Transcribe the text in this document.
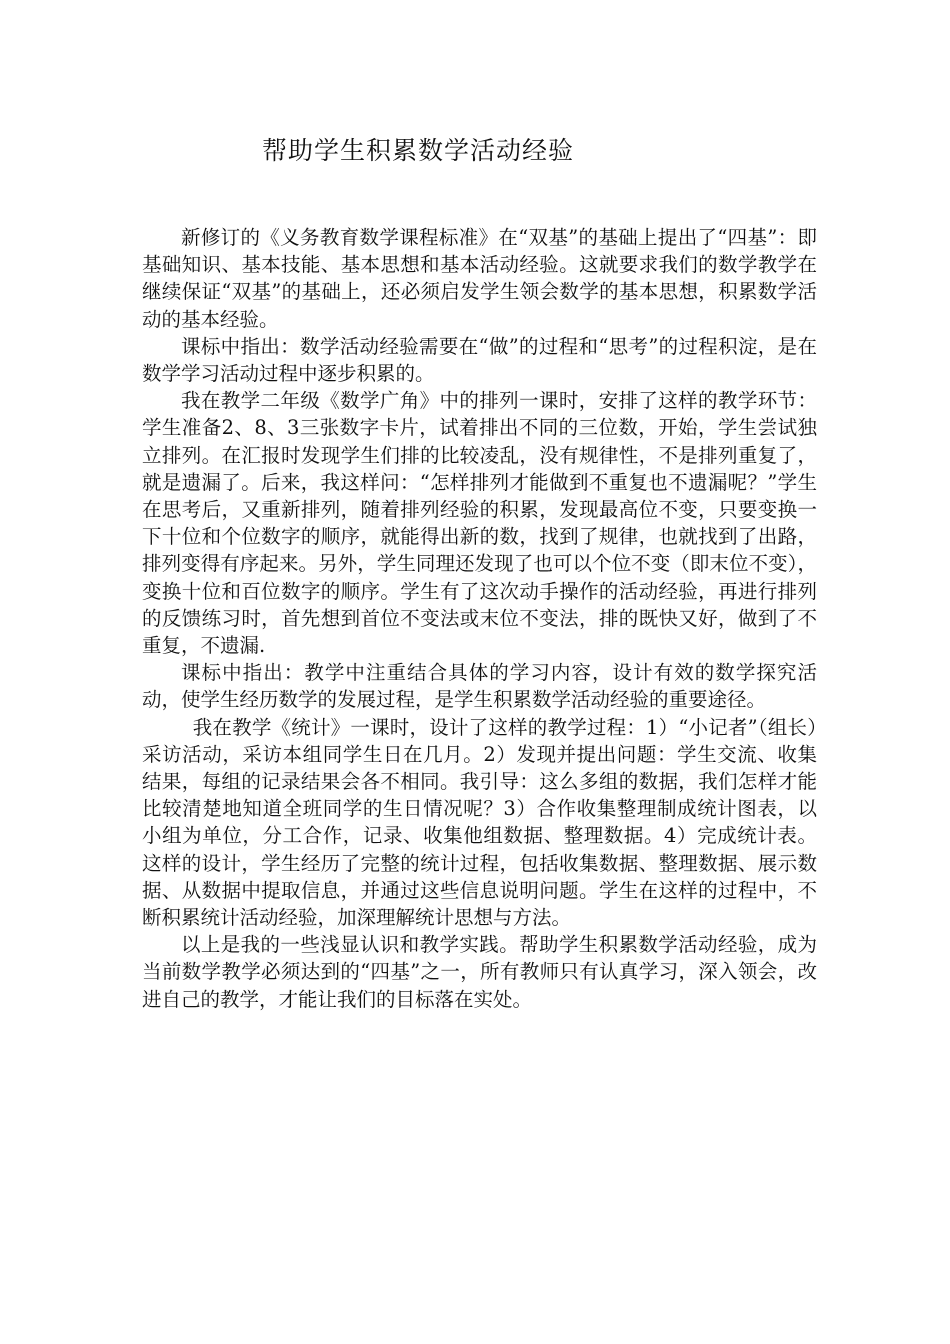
帮助学生积累数学活动经验

新修订的《义务教育数学课程标准》在“双基”的基础上提出了“四基”：即基础知识、基本技能、基本思想和基本活动经验。这就要求我们的数学教学在继续保证“双基”的基础上，还必须启发学生领会数学的基本思想，积累数学活动的基本经验。

课标中指出：数学活动经验需要在“做”的过程和“思考”的过程积淀，是在数学学习活动过程中逐步积累的。

我在教学二年级《数学广角》中的排列一课时，安排了这样的教学环节：学生准备2、8、3三张数字卡片，试着排出不同的三位数，开始，学生尝试独立排列。在汇报时发现学生们排的比较凌乱，没有规律性，不是排列重复了，就是遗漏了。后来，我这样问：“怎样排列才能做到不重复也不遗漏呢？”学生在思考后，又重新排列，随着排列经验的积累，发现最高位不变，只要变换一下十位和个位数字的顺序，就能得出新的数，找到了规律，也就找到了出路，排列变得有序起来。另外，学生同理还发现了也可以个位不变（即末位不变），变换十位和百位数字的顺序。学生有了这次动手操作的活动经验，再进行排列的反馈练习时，首先想到首位不变法或末位不变法，排的既快又好，做到了不重复，不遗漏.

课标中指出：教学中注重结合具体的学习内容，设计有效的数学探究活动，使学生经历数学的发展过程，是学生积累数学活动经验的重要途径。

我在教学《统计》一课时，设计了这样的教学过程：1）“小记者”（组长）采访活动，采访本组同学生日在几月。2）发现并提出问题：学生交流、收集结果，每组的记录结果会各不相同。我引导：这么多组的数据，我们怎样才能比较清楚地知道全班同学的生日情况呢？3）合作收集整理制成统计图表，以小组为单位，分工合作，记录、收集他组数据、整理数据。4）完成统计表。这样的设计，学生经历了完整的统计过程，包括收集数据、整理数据、展示数据、从数据中提取信息，并通过这些信息说明问题。学生在这样的过程中，不断积累统计活动经验，加深理解统计思想与方法。

以上是我的一些浅显认识和教学实践。帮助学生积累数学活动经验，成为当前数学教学必须达到的“四基”之一，所有教师只有认真学习，深入领会，改进自己的教学，才能让我们的目标落在实处。
